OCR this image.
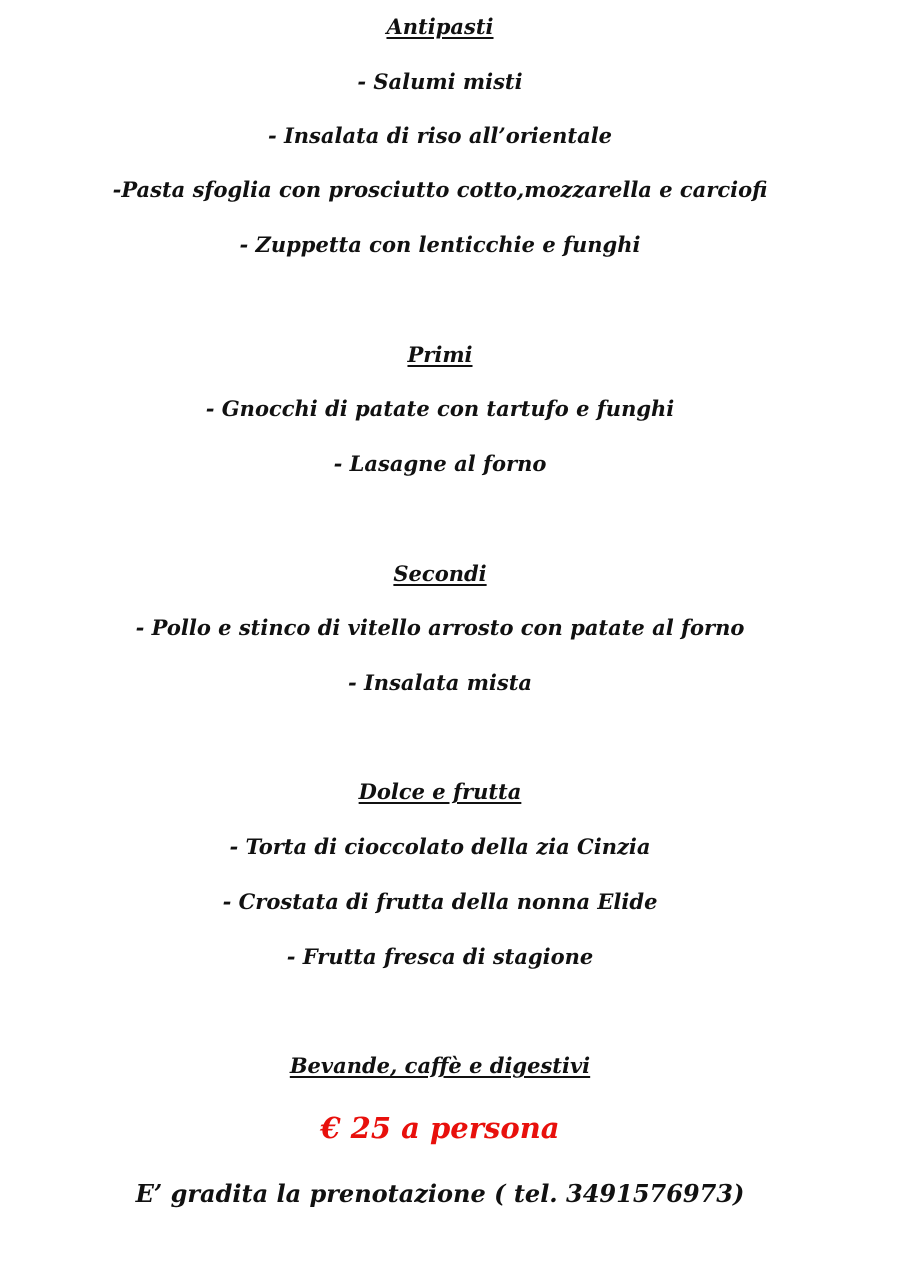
Antipasti
- Salumi misti
- Insalata di riso all’orientale
-Pasta sfoglia con prosciutto cotto,mozzarella e carciofi
- Zuppetta con lenticchie e funghi
Primi
- Gnocchi di patate con tartufo e funghi
- Lasagne al forno
Secondi
- Pollo e stinco di vitello arrosto con patate al forno
- Insalata mista
Dolce e frutta
- Torta di cioccolato della zia Cinzia
- Crostata di frutta della nonna Elide
- Frutta fresca di stagione
Bevande, caffè e digestivi
€ 25 a persona
E’ gradita la prenotazione ( tel. 3491576973)
